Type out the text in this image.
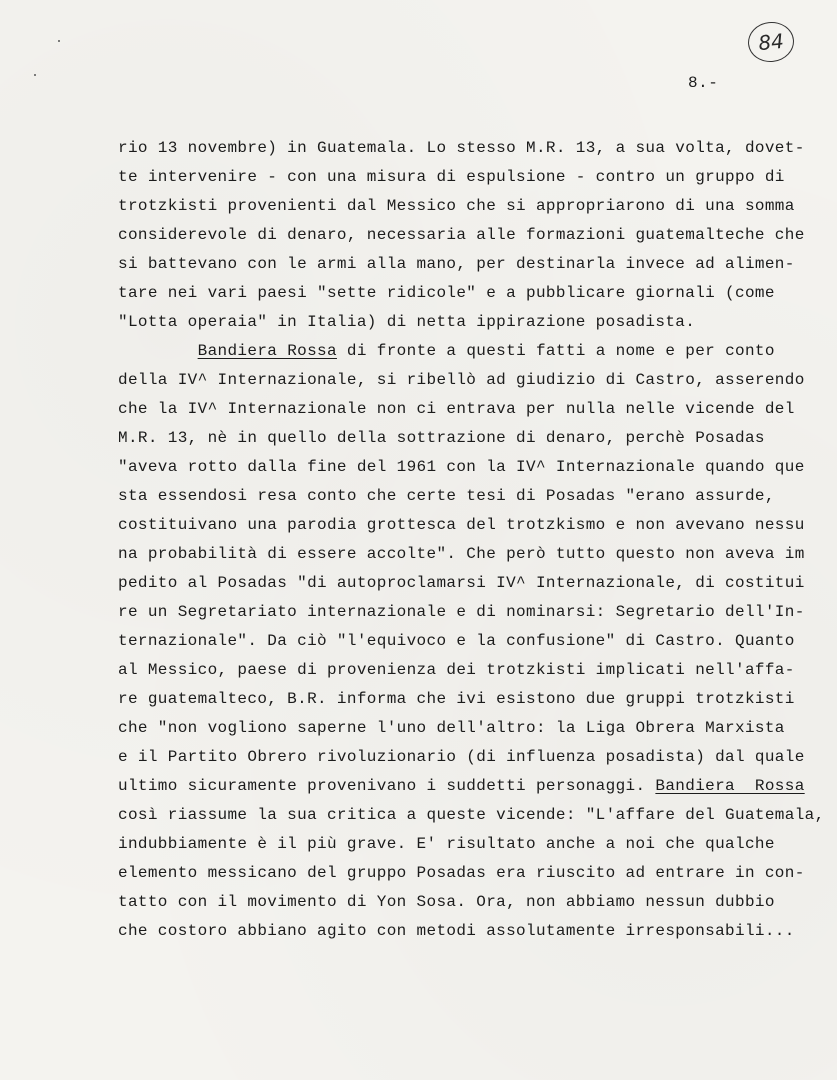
84
8.-
rio 13 novembre) in Guatemala. Lo stesso M.R. 13, a sua volta, dovet-
te intervenire - con una misura di espulsione - contro un gruppo di
trotzkisti provenienti dal Messico che si appropriarono di una somma
considerevole di denaro, necessaria alle formazioni guatemalteche che
si battevano con le armi alla mano, per destinarla invece ad alimen-
tare nei vari paesi "sette ridicole" e a pubblicare giornali (come
"Lotta operaia" in Italia) di netta ippirazione posadista.
Bandiera Rossa di fronte a questi fatti a nome e per conto
della IV^ Internazionale, si ribellò ad giudizio di Castro, asserendo
che la IV^ Internazionale non ci entrava per nulla nelle vicende del
M.R. 13, nè in quello della sottrazione di denaro, perchè Posadas
"aveva rotto dalla fine del 1961 con la IV^ Internazionale quando que
sta essendosi resa conto che certe tesi di Posadas "erano assurde,
costituivano una parodia grottesca del trotzkismo e non avevano nessu
na probabilità di essere accolte". Che però tutto questo non aveva im
pedito al Posadas "di autoproclamarsi IV^ Internazionale, di costitui
re un Segretariato internazionale e di nominarsi: Segretario dell'In-
ternazionale". Da ciò "l'equivoco e la confusione" di Castro. Quanto
al Messico, paese di provenienza dei trotzkisti implicati nell'affa-
re guatemalteco, B.R. informa che ivi esistono due gruppi trotzkisti
che "non vogliono saperne l'uno dell'altro: la Liga Obrera Marxista
e il Partito Obrero rivoluzionario (di influenza posadista) dal quale
ultimo sicuramente provenivano i suddetti personaggi. Bandiera  Rossa
così riassume la sua critica a queste vicende: "L'affare del Guatemala,
indubbiamente è il più grave. E' risultato anche a noi che qualche
elemento messicano del gruppo Posadas era riuscito ad entrare in con-
tatto con il movimento di Yon Sosa. Ora, non abbiamo nessun dubbio
che costoro abbiano agito con metodi assolutamente irresponsabili...
